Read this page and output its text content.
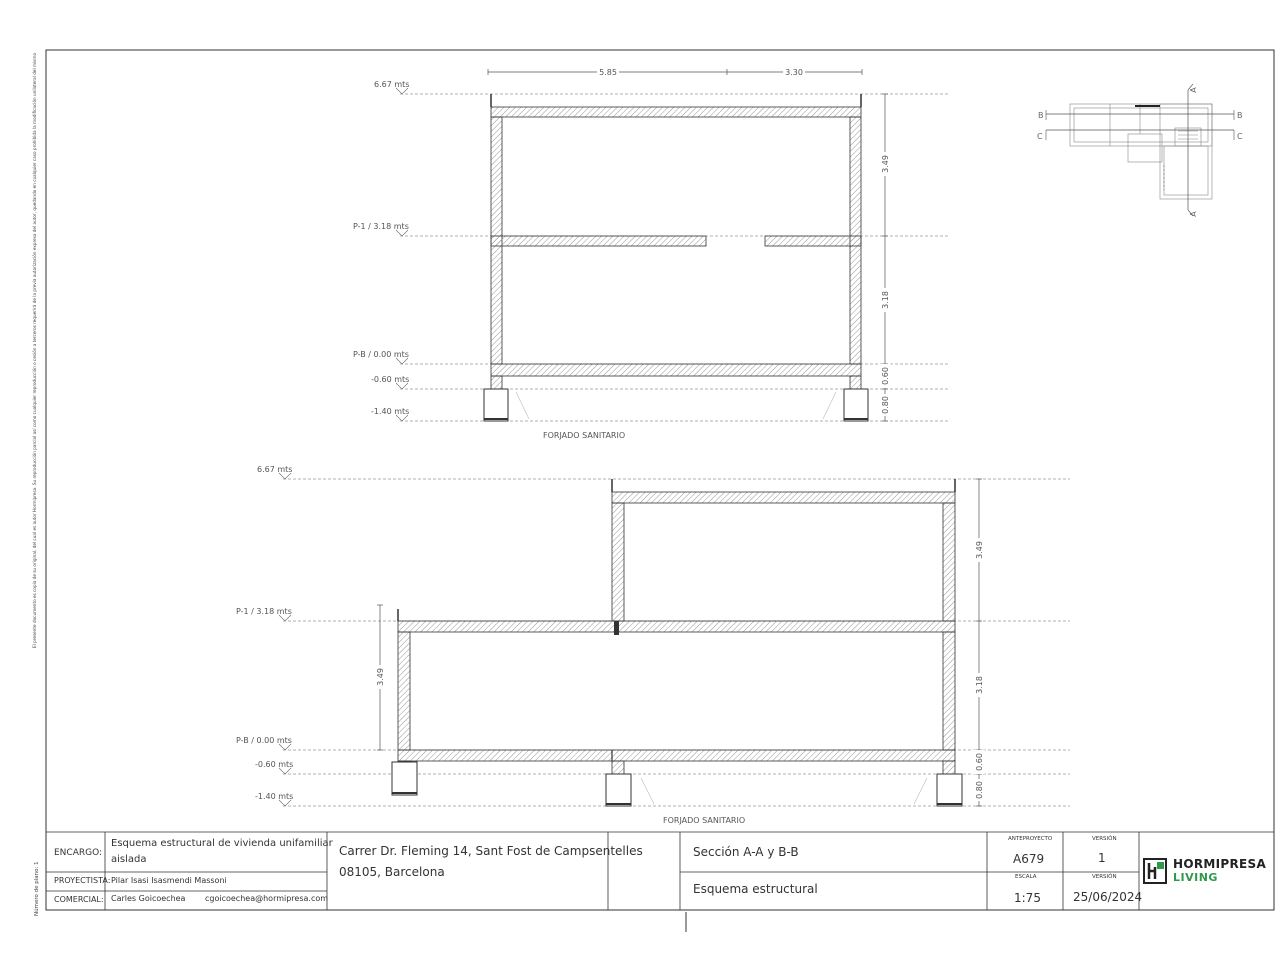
El presente documento es copia de su original, del cual es autor Hormipresa. Su reproducción parcial así como cualquier reproducción o cesión a terceros requerirá de la previa autorización expresa del autor, quedando en cualquier caso prohibida la modificación unilateral del mismo
Número de plano: 1
5.85	3.30
3.49
3.18
0.60
0.80
3.49
3.49
3.18
0.60
0.80
A
A
B	B
C	C
6.67 mts
P-1 / 3.18 mts
P-B / 0.00 mts
-0.60 mts
-1.40 mts
FORJADO SANITARIO
6.67 mts
P-1 / 3.18 mts
P-B / 0.00 mts
-0.60 mts
-1.40 mts
FORJADO SANITARIO
ENCARGO:
Esquema estructural de vivienda unifamiliar
aislada
PROYECTISTA: Pilar Isasi Isasmendi Massoni
COMERCIAL: Carles Goicoechea cgoicoechea@hormipresa.com
Carrer Dr. Fleming 14, Sant Fost de Campsentelles
08105, Barcelona
Sección A-A y B-B
Esquema estructural
ANTEPROYECTO
A679
ESCALA
1:75
VERSIÓN
1
VERSIÓN
25/06/2024
HORMIPRESA
LIVING
